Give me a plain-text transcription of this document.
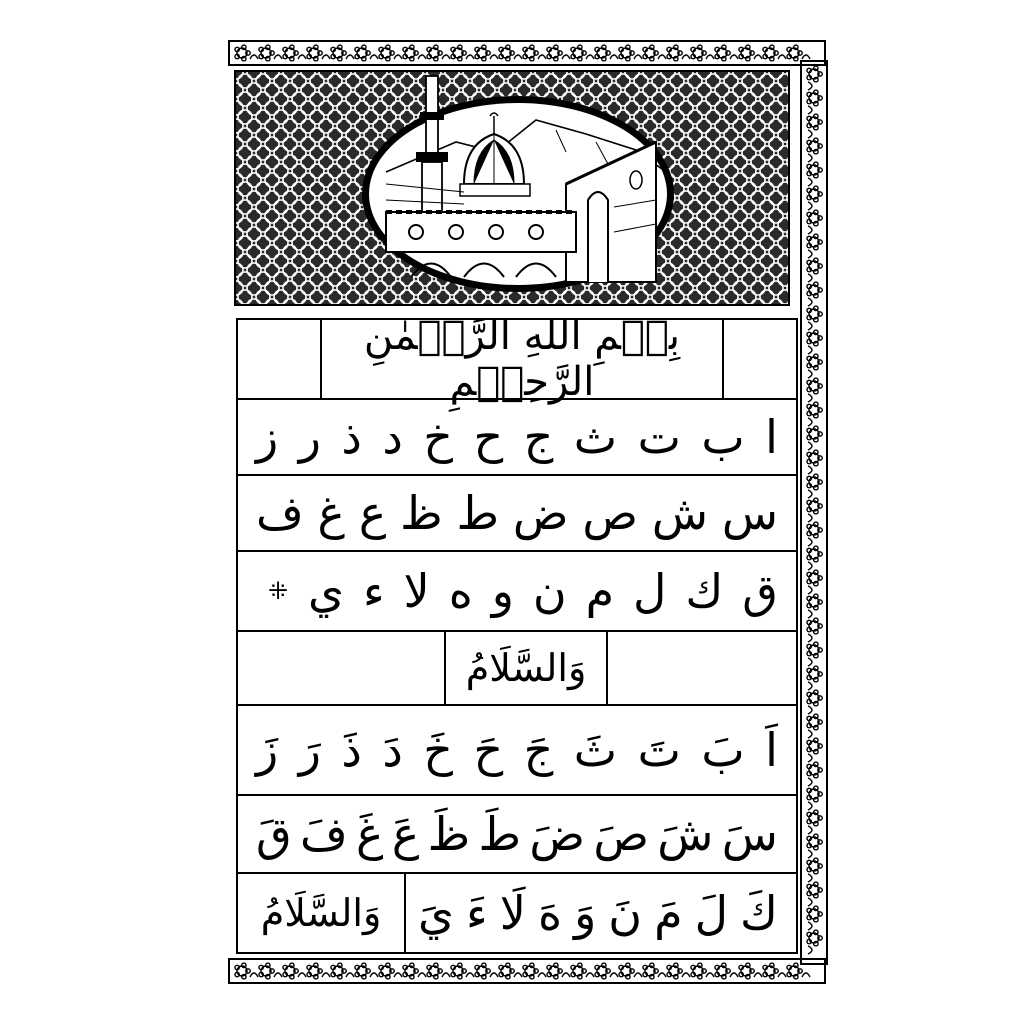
بِسۡمِ اللهِ الرَّحۡمٰنِ الرَّحِيۡمِ
ا
ب
ت
ث
ج
ح
خ
د
ذ
ر
ز
س
ش
ص
ض
ط
ظ
ع
غ
ف
ق
ك
ل
م
ن
و
ه
لا
ء
ي
⁜
وَالسَّلَامُ
اَ
بَ
تَ
ثَ
جَ
حَ
خَ
دَ
ذَ
رَ
زَ
سَ
شَ
صَ
ضَ
طَ
ظَ
عَ
غَ
فَ
قَ
كَ
لَ
مَ
نَ
وَ
هَ
لَا
ءَ
يَ
وَالسَّلَامُ
